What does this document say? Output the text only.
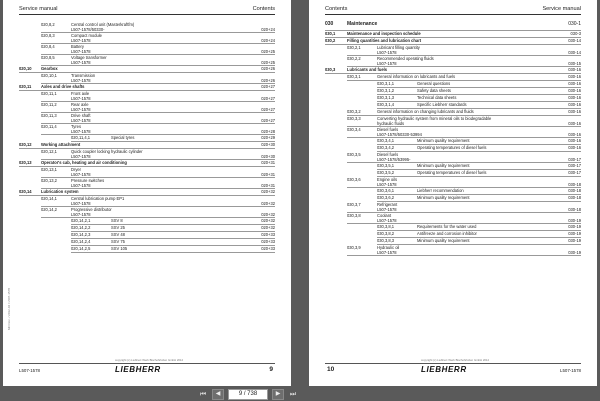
Service manual	Contents
020,8,2	Central control unit (Masterkraftfm)
L507-1578/50330-	020+24
020,8,3	Compact module
L507-1578	020+24
020,8,4	Battery
L507-1578	020+25
020,8,5	Voltage transformer
L507-1578	020+25
020,10 Gearbox	020+26
020,10,1	Transmission
L507-1578	020+26
020,11 Axles and drive shafts	020+27
020,11,1	Front axle
L507-1578	020+27
020,11,2	Rear axle
L507-1578	020+27
020,11,3	Drive shaft
L507-1578	020+27
020,11,4	Tyres
L507-1578	020+28
020,11,4,1	Special tyres	020+29
020,12 Working attachment	020+30
020,12,1	Quick coupler locking hydraulic cylinder
L507-1578	020+30
020,13 Operator's cab, heating and air conditioning	020+31
020,13,1	Dryer
L507-1578	020+31
020,13,2	Pressure switches
L507-1578	020+31
020,14 Lubrication system	020+32
020,14,1	Central lubrication pump EP1
L507-1578	020+32
020,14,2	Progressive distributor
L507-1578	020+32
020,14,2,1	SSV 8	020+32
020,14,2,2	SSV 25	020+32
020,14,2,3	SSV 48	020+33
020,14,2,4	SSV 75	020+33
020,14,2,5	SSV 105	020+33
MD Doc. / 2012-04 / L507-1578
copyright (c) Liebherr-Werk Bischofshofen GmbH 2012
L507-1578	LIEBHERR	9
Contents	Service manual
030	Maintenance	030-1
030,1	Maintenance and inspection schedule	030-3
030,2	Filling quantities and lubrication chart	030-14
030,2,1	Lubricant filling quantity
L507-1578	030-14
030,2,2	Recommended operating fluids
L507-1578	030-15
030,3	Lubricants and fuels	030-16
030,3,1	General information on lubricants and fuels	030-16
030,3,1,1	General questions	030-16
030,3,1,2	Safety data sheets	030-16
030,3,1,3	Technical data sheets	030-16
030,3,1,4	Specific Liebherr standards	030-16
030,3,2	General information on changing lubricants and fluids	030-16
030,3,3	Converting hydraulic system from mineral oils to biodegradable
hydraulic fluids	030-16
030,3,4	Diesel fuels
L507-1578/50330-53994	030-16
030,3,4,1	Minimum quality requirement	030-16
030,3,4,2	Operating temperatures of diesel fuels	030-16
030,3,5	Diesel fuels
L507-1578/53995-	030-17
030,3,5,1	Minimum quality requirement	030-17
030,3,5,2	Operating temperatures of diesel fuels	030-17
030,3,6	Engine oils
L507-1578	030-18
030,3,6,1	Liebherr recommendation	030-18
030,3,6,2	Minimum quality requirement	030-18
030,3,7	Refrigerant
L507-1578	030-18
030,3,8	Coolant
L507-1578	030-19
030,3,8,1	Requirements for the water used	030-19
030,3,8,2	Antifreeze and corrosion inhibitor	030-19
030,3,8,3	Minimum quality requirement	030-19
030,3,9	Hydraulic oil
L507-1578	030-19
copyright (c) Liebherr-Werk Bischofshofen GmbH 2012
10	LIEBHERR	L507-1578
⏮	◀	9 / 738	▶	⏭
